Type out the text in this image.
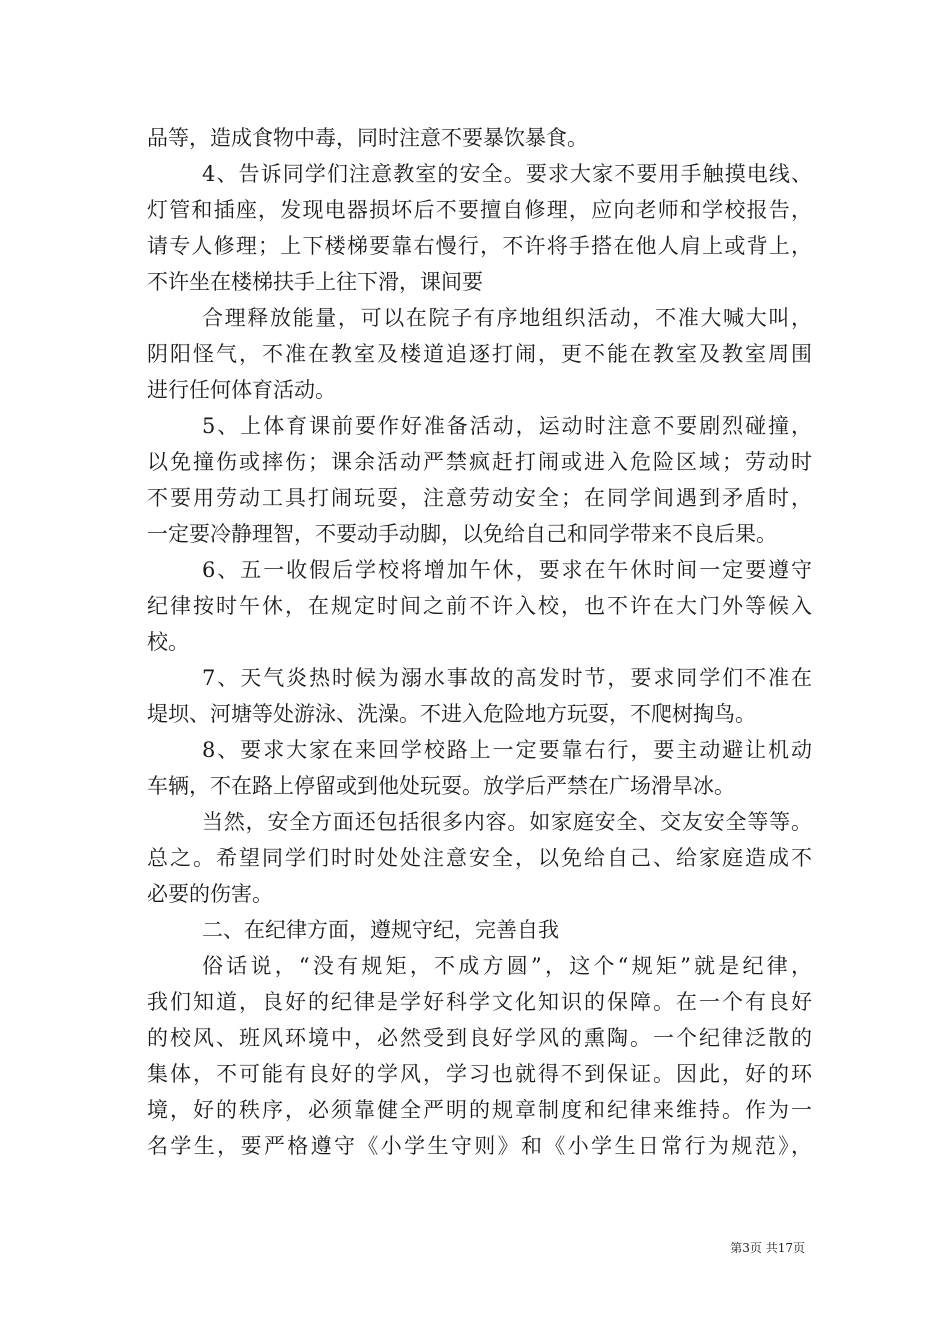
品等，造成食物中毒，同时注意不要暴饮暴食。
4、告诉同学们注意教室的安全。要求大家不要用手触摸电线、
灯管和插座，发现电器损坏后不要擅自修理，应向老师和学校报告，
请专人修理；上下楼梯要靠右慢行，不许将手搭在他人肩上或背上，
不许坐在楼梯扶手上往下滑，课间要
合理释放能量，可以在院子有序地组织活动，不准大喊大叫，
阴阳怪气，不准在教室及楼道追逐打闹，更不能在教室及教室周围
进行任何体育活动。
5、上体育课前要作好准备活动，运动时注意不要剧烈碰撞，
以免撞伤或摔伤；课余活动严禁疯赶打闹或进入危险区域；劳动时
不要用劳动工具打闹玩耍，注意劳动安全；在同学间遇到矛盾时，
一定要冷静理智，不要动手动脚，以免给自己和同学带来不良后果。
6、五一收假后学校将增加午休，要求在午休时间一定要遵守
纪律按时午休，在规定时间之前不许入校，也不许在大门外等候入
校。
7、天气炎热时候为溺水事故的高发时节，要求同学们不准在
堤坝、河塘等处游泳、洗澡。不进入危险地方玩耍，不爬树掏鸟。
8、要求大家在来回学校路上一定要靠右行，要主动避让机动
车辆，不在路上停留或到他处玩耍。放学后严禁在广场滑旱冰。
当然，安全方面还包括很多内容。如家庭安全、交友安全等等。
总之。希望同学们时时处处注意安全，以免给自己、给家庭造成不
必要的伤害。
二、在纪律方面，遵规守纪，完善自我
俗话说，“没有规矩，不成方圆”，这个“规矩”就是纪律，
我们知道，良好的纪律是学好科学文化知识的保障。在一个有良好
的校风、班风环境中，必然受到良好学风的熏陶。一个纪律泛散的
集体，不可能有良好的学风，学习也就得不到保证。因此，好的环
境，好的秩序，必须靠健全严明的规章制度和纪律来维持。作为一
名学生，要严格遵守《小学生守则》和《小学生日常行为规范》，
第3页 共17页
